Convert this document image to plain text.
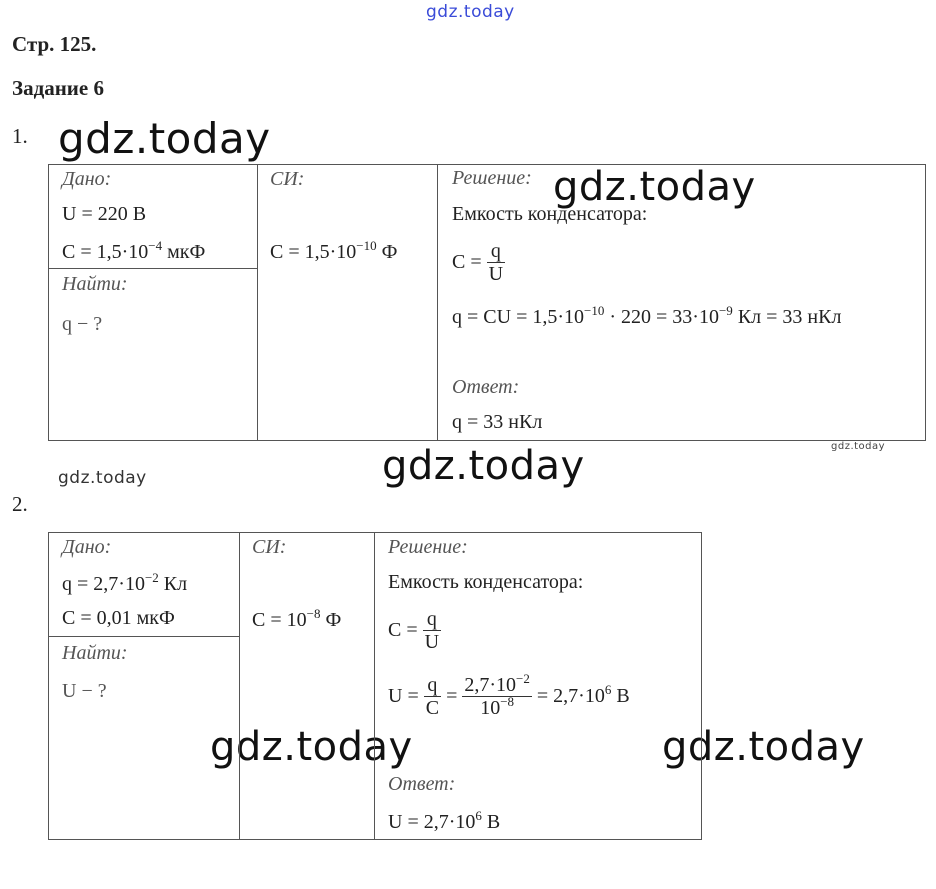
gdz.today
gdz.today
gdz.today
gdz.today
gdz.today	gdz.today
gdz.today	gdz.today
Стр. 125.
Задание 6
1.
Дано:
U = 220 В
$C = 1,5\cdot 10^{-4}$ мкФ
Найти:
q − ?
СИ:
$C = 1,5\cdot 10^{-10}$ Ф
Решение:
Емкость конденсатора:
$C = \frac{q}{U}$
q = CU = $1,5\cdot 10^{-10} \cdot 220 = 33\cdot 10^{-9}$ Кл = 33 нКл
Ответ:
q = 33 нКл
2.
Дано:
$q = 2,7\cdot 10^{-2}$ Кл
C = 0,01 мкФ
Найти:
U − ?
СИ:
$C = 10^{-8}$ Ф
Решение:
Емкость конденсатора:
$C = \frac{q}{U}$
$U = \frac{q}{C} = \frac{2,7\cdot 10^{-2}}{10^{-8}} = 2,7\cdot 10^6$ В
Ответ:
$U = 2,7\cdot 10^6$ В
